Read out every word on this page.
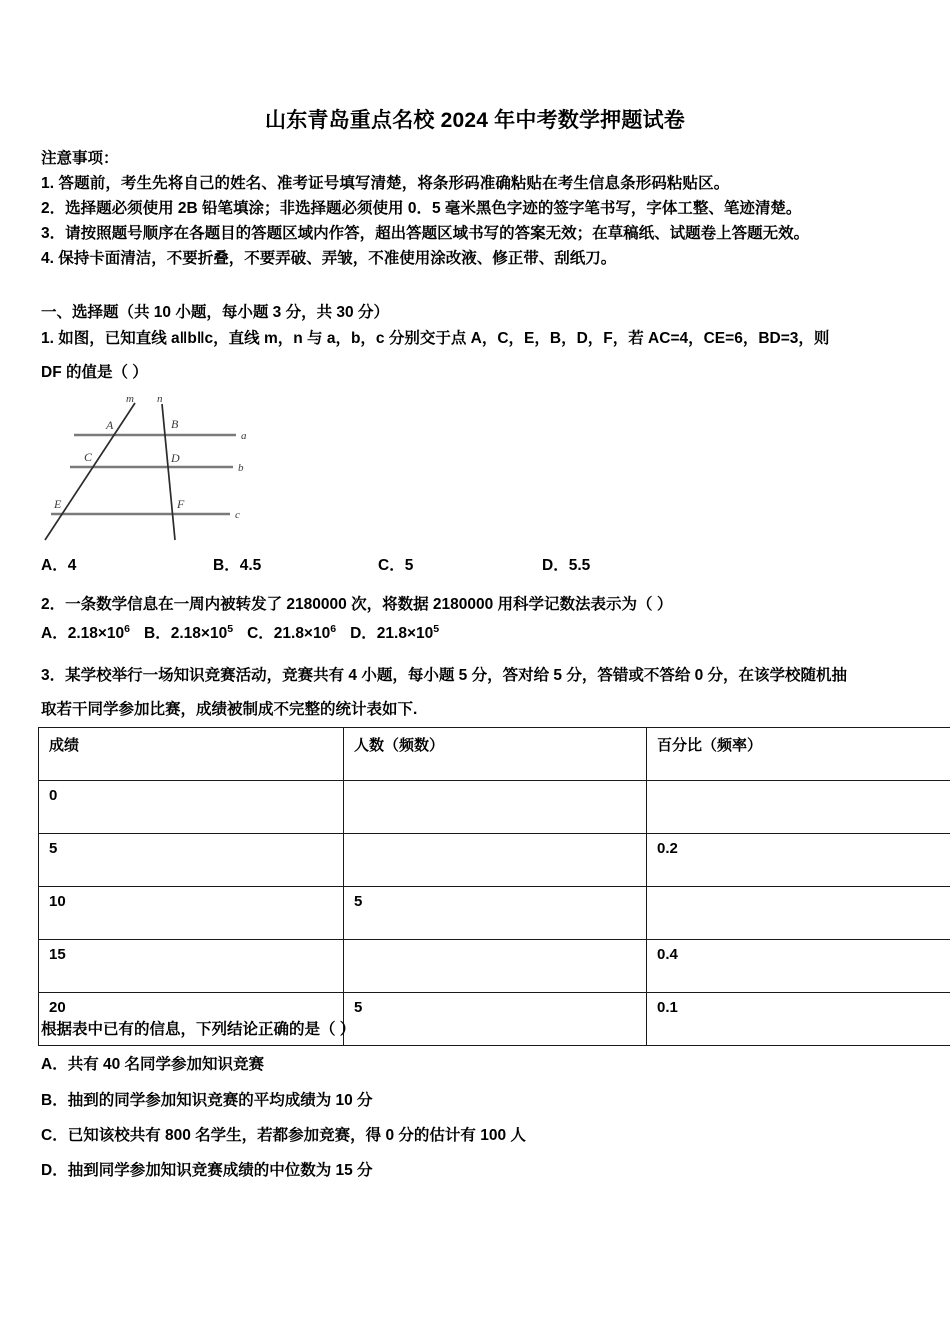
山东青岛重点名校 2024 年中考数学押题试卷
注意事项：
1. 答题前，考生先将自己的姓名、准考证号填写清楚，将条形码准确粘贴在考生信息条形码粘贴区。
2．选择题必须使用 2B 铅笔填涂；非选择题必须使用 0．5 毫米黑色字迹的签字笔书写，字体工整、笔迹清楚。
3．请按照题号顺序在各题目的答题区域内作答，超出答题区域书写的答案无效；在草稿纸、试题卷上答题无效。
4. 保持卡面清洁，不要折叠，不要弄破、弄皱，不准使用涂改液、修正带、刮纸刀。
一、选择题（共 10 小题，每小题 3 分，共 30 分）
1. 如图，已知直线 a‖b‖c，直线 m，n 与 a，b，c 分别交于点 A，C，E，B，D，F，若 AC=4，CE=6，BD=3，则
DF 的值是（ ）
m n
a
b
c
A	B
C	D
E	F
A．4	B．4.5	C．5	D．5.5
2．一条数学信息在一周内被转发了 2180000 次，将数据 2180000 用科学记数法表示为（ ）
A．$2.18\times 10^6$ B．$2.18\times 10^5$ C．$21.8\times 10^6$ D．$21.8\times 10^5$
3．某学校举行一场知识竞赛活动，竞赛共有 4 小题，每小题 5 分，答对给 5 分，答错或不答给 0 分，在该学校随机抽
取若干同学参加比赛，成绩被制成不完整的统计表如下.
成绩	人数（频数）	百分比（频率）
0		
5		0.2
10	5	
15		0.4
20	5	0.1
根据表中已有的信息，下列结论正确的是（ ）
A．共有 40 名同学参加知识竞赛
B．抽到的同学参加知识竞赛的平均成绩为 10 分
C．已知该校共有 800 名学生，若都参加竞赛，得 0 分的估计有 100 人
D．抽到同学参加知识竞赛成绩的中位数为 15 分
